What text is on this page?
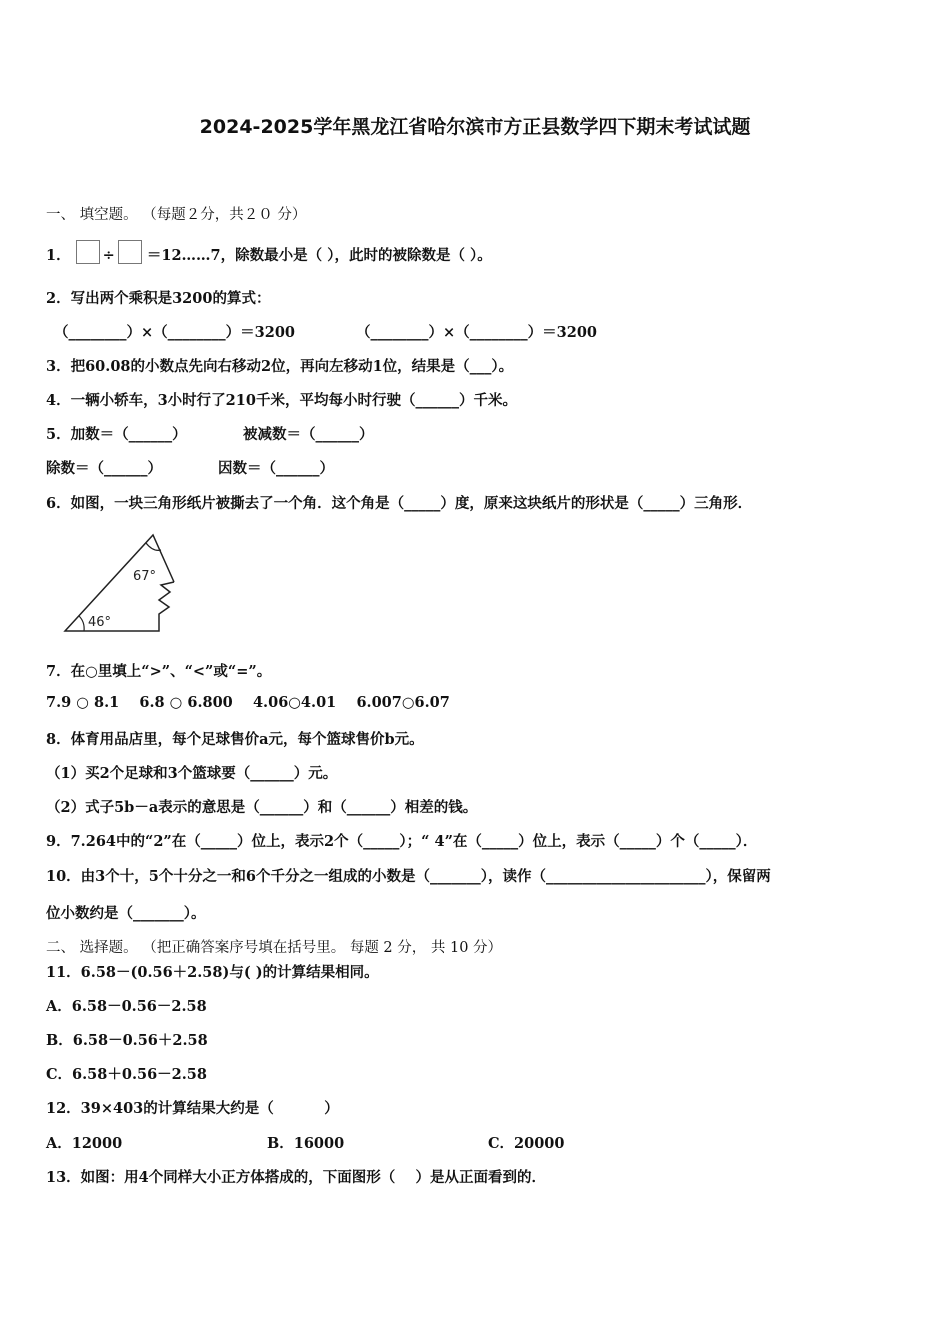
2024-2025学年黑龙江省哈尔滨市方正县数学四下期末考试试题
一、 填空题。 （每题２分，共２０ 分）
1． ÷ ＝12……7，除数最小是（ ），此时的被除数是（ ）。
2．写出两个乘积是3200的算式：
（________）×（________）＝3200	（________）×（________）＝3200
3．把60.08的小数点先向右移动2位，再向左移动1位，结果是（___）。
4．一辆小轿车，3小时行了210千米，平均每小时行驶（______）千米。
5．加数＝（______）	被减数＝（______）
除数＝（______）	因数＝（______）
6．如图，一块三角形纸片被撕去了一个角．这个角是（_____）度，原来这块纸片的形状是（_____）三角形．
67°
46°
7．在○里填上“>”、“<”或“=”。
7.9 ○ 8.1    6.8 ○ 6.800    4.06○4.01    6.007○6.07
8．体育用品店里，每个足球售价a元，每个篮球售价b元。
（1）买2个足球和3个篮球要（______）元。
（2）式子5b－a表示的意思是（______）和（______）相差的钱。
9．7.264中的“2”在（_____）位上，表示2个（_____）；“ 4”在（_____）位上，表示（_____）个（_____）．
10．由3个十，5个十分之一和6个千分之一组成的小数是（_______），读作（______________________），保留两
位小数约是（_______）。
二、 选择题。 （把正确答案序号填在括号里。 每题 2 分， 共 10 分）
11．6.58－(0.56＋2.58)与( )的计算结果相同。
A．6.58－0.56－2.58
B．6.58－0.56＋2.58
C．6.58＋0.56－2.58
12．39×403的计算结果大约是（          ）
A．12000	B．16000	C．20000
13．如图：用4个同样大小正方体搭成的，下面图形（    ）是从正面看到的．
